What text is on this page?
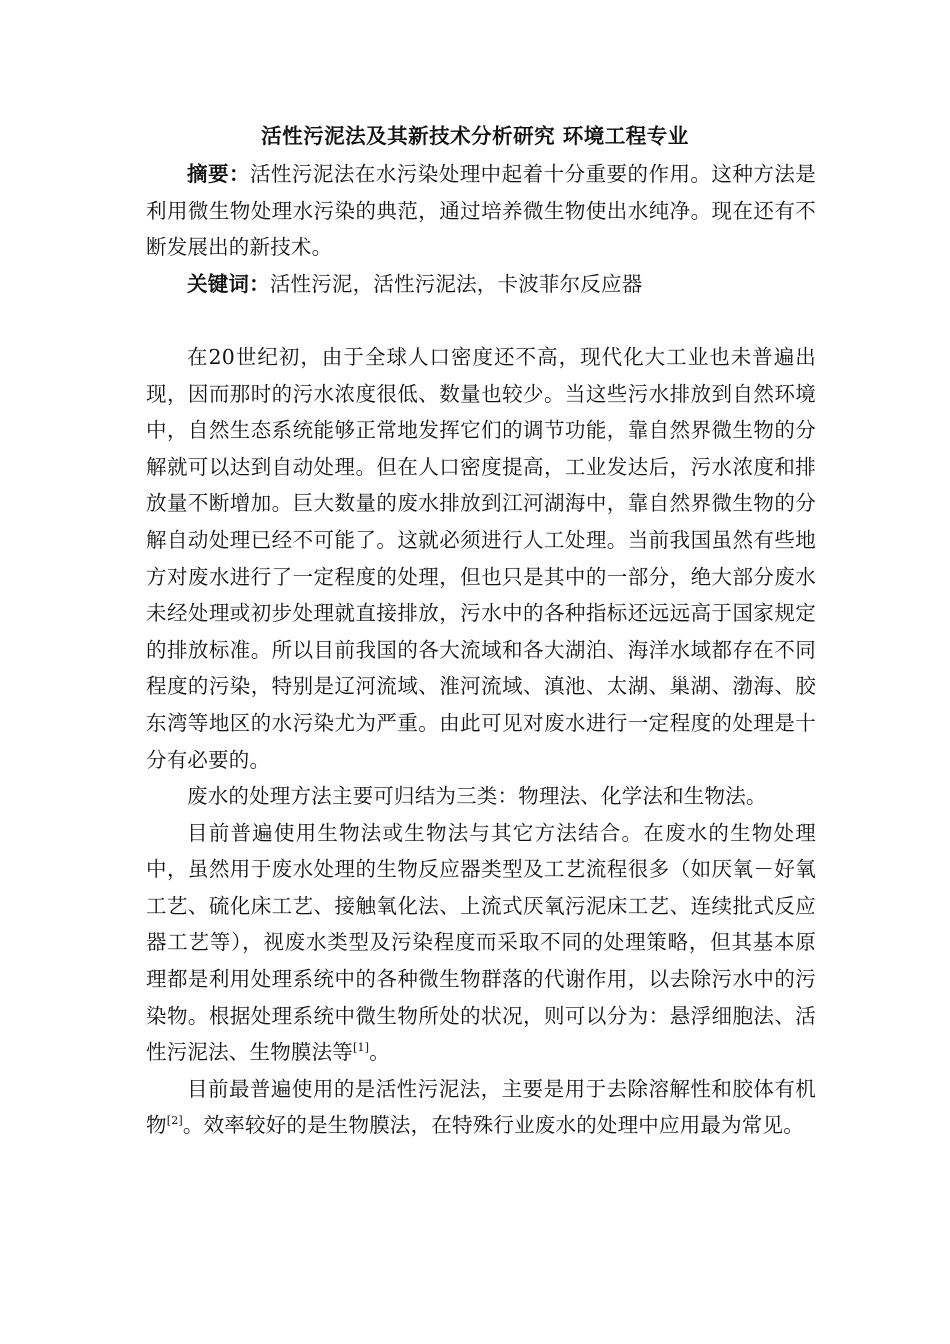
活性污泥法及其新技术分析研究 环境工程专业

摘要：活性污泥法在水污染处理中起着十分重要的作用。这种方法是利用微生物处理水污染的典范，通过培养微生物使出水纯净。现在还有不断发展出的新技术。

关键词：活性污泥，活性污泥法，卡波菲尔反应器

在20世纪初，由于全球人口密度还不高，现代化大工业也未普遍出现，因而那时的污水浓度很低、数量也较少。当这些污水排放到自然环境中，自然生态系统能够正常地发挥它们的调节功能，靠自然界微生物的分解就可以达到自动处理。但在人口密度提高，工业发达后，污水浓度和排放量不断增加。巨大数量的废水排放到江河湖海中，靠自然界微生物的分解自动处理已经不可能了。这就必须进行人工处理。当前我国虽然有些地方对废水进行了一定程度的处理，但也只是其中的一部分，绝大部分废水未经处理或初步处理就直接排放，污水中的各种指标还远远高于国家规定的排放标准。所以目前我国的各大流域和各大湖泊、海洋水域都存在不同程度的污染，特别是辽河流域、淮河流域、滇池、太湖、巢湖、渤海、胶东湾等地区的水污染尤为严重。由此可见对废水进行一定程度的处理是十分有必要的。

废水的处理方法主要可归结为三类：物理法、化学法和生物法。

目前普遍使用生物法或生物法与其它方法结合。在废水的生物处理中，虽然用于废水处理的生物反应器类型及工艺流程很多（如厌氧－好氧工艺、硫化床工艺、接触氧化法、上流式厌氧污泥床工艺、连续批式反应器工艺等），视废水类型及污染程度而采取不同的处理策略，但其基本原理都是利用处理系统中的各种微生物群落的代谢作用，以去除污水中的污染物。根据处理系统中微生物所处的状况，则可以分为：悬浮细胞法、活性污泥法、生物膜法等[1]。

目前最普遍使用的是活性污泥法，主要是用于去除溶解性和胶体有机物[2]。效率较好的是生物膜法，在特殊行业废水的处理中应用最为常见。
